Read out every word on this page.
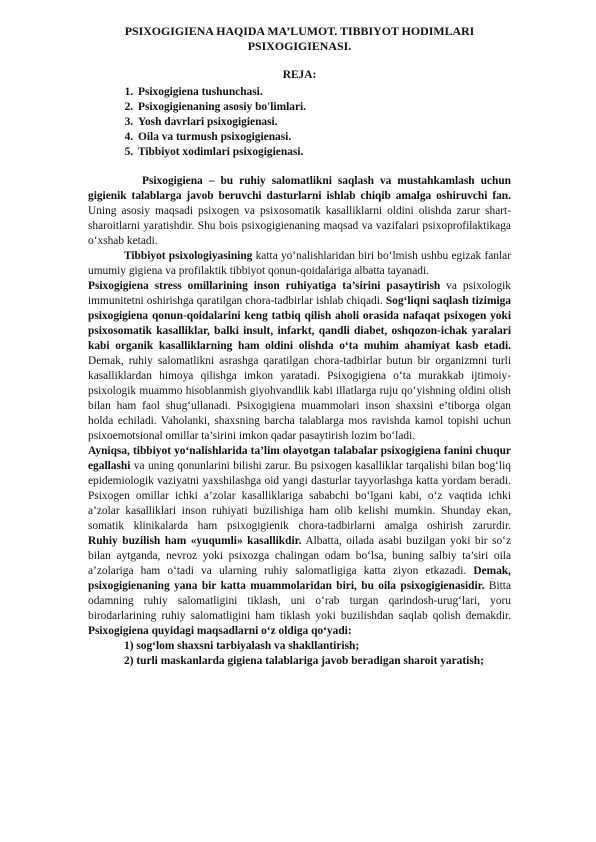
PSIXOGIGIENA HAQIDA MA’LUMOT. TIBBIYOT HODIMLARI PSIXOGIGIENASI.

REJA:
1. Psixogigiena tushunchasi.
2. Psixogigienaning asosiy bo'limlari.
3. Yosh davrlari psixogigienasi.
4. Oila va turmush psixogigienasi.
5. Tibbiyot xodimlari psixogigienasi.

Psixogigiena – bu ruhiy salomatlikni saqlash va mustahkamlash uchun gigienik talablarga javob beruvchi dasturlarni ishlab chiqib amalga oshiruvchi fan. Uning asosiy maqsadi psixogen va psixosomatik kasalliklarni oldini olishda zarur shart-sharoitlarni yaratishdir. Shu bois psixogigienaning maqsad va vazifalari psixoprofilaktikaga o‘xshab ketadi.

Tibbiyot psixologiyasining katta yo‘nalishlaridan biri bo‘lmish ushbu egizak fanlar umumiy gigiena va profilaktik tibbiyot qonun-qoidalariga albatta tayanadi.

Psixogigiena stress omillarining inson ruhiyatiga ta’sirini pasaytirish va psixologik immunitetni oshirishga qaratilgan chora-tadbirlar ishlab chiqadi. Sog‘liqni saqlash tizimiga psixogigiena qonun-qoidalarini keng tatbiq qilish aholi orasida nafaqat psixogen yoki psixosomatik kasalliklar, balki insult, infarkt, qandli diabet, oshqozon-ichak yaralari kabi organik kasalliklarning ham oldini olishda o‘ta muhim ahamiyat kasb etadi. Demak, ruhiy salomatlikni asrashga qaratilgan chora-tadbirlar butun bir organizmni turli kasalliklardan himoya qilishga imkon yaratadi. Psixogigiena o‘ta murakkab ijtimoiy-psixologik muammo hisoblanmish giyohvandlik kabi illatlarga ruju qo‘yishning oldini olish bilan ham faol shug‘ullanadi. Psixogigiena muammolari inson shaxsini e’tiborga olgan holda echiladi. Vaholanki, shaxsning barcha talablarga mos ravishda kamol topishi uchun psixoemotsional omillar ta’sirini imkon qadar pasaytirish lozim bo‘ladi.

Ayniqsa, tibbiyot yo‘nalishlarida ta’lim olayotgan talabalar psixogigiena fanini chuqur egallashi va uning qonunlarini bilishi zarur. Bu psixogen kasalliklar tarqalishi bilan bog‘liq epidemiologik vaziyatni yaxshilashga oid yangi dasturlar tayyorlashga katta yordam beradi. Psixogen omillar ichki a’zolar kasalliklariga sababchi bo‘lgani kabi, o‘z vaqtida ichki a’zolar kasalliklari inson ruhiyati buzilishiga ham olib kelishi mumkin. Shunday ekan, somatik klinikalarda ham psixogigienik chora-tadbirlarni amalga oshirish zarurdir.

Ruhiy buzilish ham «yuqumli» kasallikdir. Albatta, oilada asabi buzilgan yoki bir so‘z bilan aytganda, nevroz yoki psixozga chalingan odam bo‘lsa, buning salbiy ta’siri oila a’zolariga ham o‘tadi va ularning ruhiy salomatligiga katta ziyon etkazadi. Demak, psixogigienaning yana bir katta muammolaridan biri, bu oila psixogigienasidir. Bitta odamning ruhiy salomatligini tiklash, uni o‘rab turgan qarindosh-urug‘lari, yoru birodarlarining ruhiy salomatligini ham tiklash yoki buzilishdan saqlab qolish demakdir.

Psixogigiena quyidagi maqsadlarni o‘z oldiga qo‘yadi:

1) sog‘lom shaxsni tarbiyalash va shakllantirish;

2) turli maskanlarda gigiena talablariga javob beradigan sharoit yaratish;
